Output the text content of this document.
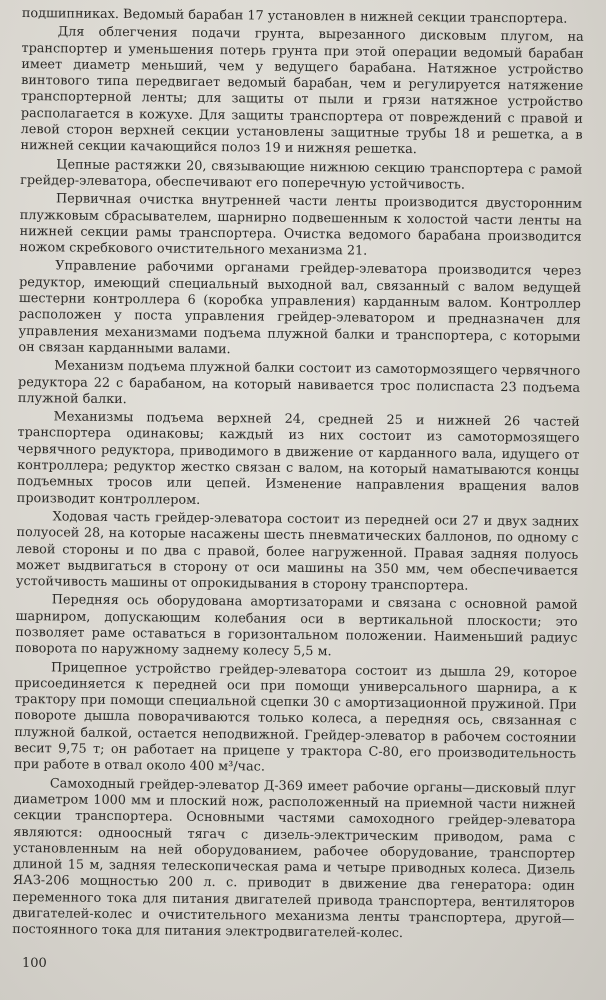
подшипниках. Ведомый барабан 17 установлен в нижней секции транспортера.

Для облегчения подачи грунта, вырезанного дисковым плугом, на транспортер и уменьшения потерь грунта при этой операции ведомый барабан имеет диаметр меньший, чем у ведущего барабана. Натяжное устройство винтового типа передвигает ведомый барабан, чем и регулируется натяжение транспортерной ленты; для защиты от пыли и грязи натяжное устройство располагается в кожухе. Для защиты транспортера от повреждений с правой и левой сторон верхней секции установлены защитные трубы 18 и решетка, а в нижней секции качающийся полоз 19 и нижняя решетка.

Цепные растяжки 20, связывающие нижнюю секцию транспортера с рамой грейдер-элеватора, обеспечивают его поперечную устойчивость.

Первичная очистка внутренней части ленты производится двусторонним плужковым сбрасывателем, шарнирно подвешенным к холостой части ленты на нижней секции рамы транспортера. Очистка ведомого барабана производится ножом скребкового очистительного механизма 21.

Управление рабочими органами грейдер-элеватора производится через редуктор, имеющий специальный выходной вал, связанный с валом ведущей шестерни контроллера 6 (коробка управления) карданным валом. Контроллер расположен у поста управления грейдер-элеватором и предназначен для управления механизмами подъема плужной балки и транспортера, с которыми он связан карданными валами.

Механизм подъема плужной балки состоит из самотормозящего червячного редуктора 22 с барабаном, на который навивается трос полиспаста 23 подъема плужной балки.

Механизмы подъема верхней 24, средней 25 и нижней 26 частей транспортера одинаковы; каждый из них состоит из самотормозящего червячного редуктора, приводимого в движение от карданного вала, идущего от контроллера; редуктор жестко связан с валом, на который наматываются концы подъемных тросов или цепей. Изменение направления вращения валов производит контроллером.

Ходовая часть грейдер-элеватора состоит из передней оси 27 и двух задних полуосей 28, на которые насажены шесть пневматических баллонов, по одному с левой стороны и по два с правой, более нагруженной. Правая задняя полуось может выдвигаться в сторону от оси машины на 350 мм, чем обеспечивается устойчивость машины от опрокидывания в сторону транспортера.

Передняя ось оборудована амортизаторами и связана с основной рамой шарниром, допускающим колебания оси в вертикальной плоскости; это позволяет раме оставаться в горизонтальном положении. Наименьший радиус поворота по наружному заднему колесу 5,5 м.

Прицепное устройство грейдер-элеватора состоит из дышла 29, которое присоединяется к передней оси при помощи универсального шарнира, а к трактору при помощи специальной сцепки 30 с амортизационной пружиной. При повороте дышла поворачиваются только колеса, а передняя ось, связанная с плужной балкой, остается неподвижной. Грейдер-элеватор в рабочем состоянии весит 9,75 т; он работает на прицепе у трактора С-80, его производительность при работе в отвал около 400 м³/час.

Самоходный грейдер-элеватор Д-369 имеет рабочие органы—дисковый плуг диаметром 1000 мм и плоский нож, расположенный на приемной части нижней секции транспортера. Основными частями самоходного грейдер-элеватора являются: одноосный тягач с дизель-электрическим приводом, рама с установленным на ней оборудованием, рабочее оборудование, транспортер длиной 15 м, задняя телескопическая рама и четыре приводных колеса. Дизель ЯАЗ-206 мощностью 200 л. с. приводит в движение два генератора: один переменного тока для питания двигателей привода транспортера, вентиляторов двигателей-колес и очистительного механизма ленты транспортера, другой—постоянного тока для питания электродвигателей-колес.

100
